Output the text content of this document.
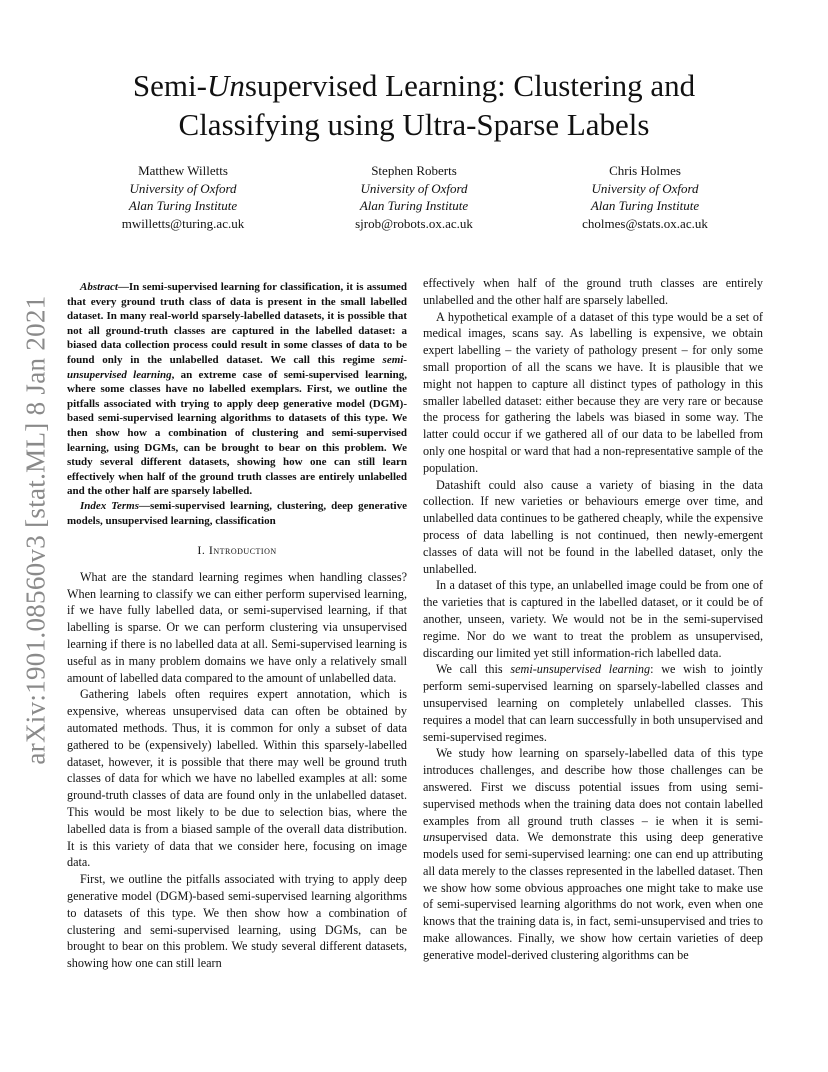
arXiv:1901.08560v3 [stat.ML] 8 Jan 2021
Semi-Unsupervised Learning: Clustering and
Classifying using Ultra-Sparse Labels
Matthew Willetts
University of Oxford
Alan Turing Institute
mwilletts@turing.ac.uk
Stephen Roberts
University of Oxford
Alan Turing Institute
sjrob@robots.ox.ac.uk
Chris Holmes
University of Oxford
Alan Turing Institute
cholmes@stats.ox.ac.uk

Abstract—In semi-supervised learning for classification, it is assumed that every ground truth class of data is present in the small labelled dataset. In many real-world sparsely-labelled datasets, it is possible that not all ground-truth classes are captured in the labelled dataset: a biased data collection process could result in some classes of data to be found only in the unlabelled dataset. We call this regime semi-unsupervised learning, an extreme case of semi-supervised learning, where some classes have no labelled exemplars. First, we outline the pitfalls associated with trying to apply deep generative model (DGM)-based semi-supervised learning algorithms to datasets of this type. We then show how a combination of clustering and semi-supervised learning, using DGMs, can be brought to bear on this problem. We study several different datasets, showing how one can still learn effectively when half of the ground truth classes are entirely unlabelled and the other half are sparsely labelled.

Index Terms—semi-supervised learning, clustering, deep generative models, unsupervised learning, classification

I. Introduction

What are the standard learning regimes when handling classes? When learning to classify we can either perform supervised learning, if we have fully labelled data, or semi-supervised learning, if that labelling is sparse. Or we can perform clustering via unsupervised learning if there is no labelled data at all. Semi-supervised learning is useful as in many problem domains we have only a relatively small amount of labelled data compared to the amount of unlabelled data.

Gathering labels often requires expert annotation, which is expensive, whereas unsupervised data can often be obtained by automated methods. Thus, it is common for only a subset of data gathered to be (expensively) labelled. Within this sparsely-labelled dataset, however, it is possible that there may well be ground truth classes of data for which we have no labelled examples at all: some ground-truth classes of data are found only in the unlabelled dataset. This would be most likely to be due to selection bias, where the labelled data is from a biased sample of the overall data distribution. It is this variety of data that we consider here, focusing on image data.

First, we outline the pitfalls associated with trying to apply deep generative model (DGM)-based semi-supervised learning algorithms to datasets of this type. We then show how a combination of clustering and semi-supervised learning, using DGMs, can be brought to bear on this problem. We study several different datasets, showing how one can still learn

effectively when half of the ground truth classes are entirely unlabelled and the other half are sparsely labelled.

A hypothetical example of a dataset of this type would be a set of medical images, scans say. As labelling is expensive, we obtain expert labelling – the variety of pathology present – for only some small proportion of all the scans we have. It is plausible that we might not happen to capture all distinct types of pathology in this smaller labelled dataset: either because they are very rare or because the process for gathering the labels was biased in some way. The latter could occur if we gathered all of our data to be labelled from only one hospital or ward that had a non-representative sample of the population.

Datashift could also cause a variety of biasing in the data collection. If new varieties or behaviours emerge over time, and unlabelled data continues to be gathered cheaply, while the expensive process of data labelling is not continued, then newly-emergent classes of data will not be found in the labelled dataset, only the unlabelled.

In a dataset of this type, an unlabelled image could be from one of the varieties that is captured in the labelled dataset, or it could be of another, unseen, variety. We would not be in the semi-supervised regime. Nor do we want to treat the problem as unsupervised, discarding our limited yet still information-rich labelled data.

We call this semi-unsupervised learning: we wish to jointly perform semi-supervised learning on sparsely-labelled classes and unsupervised learning on completely unlabelled classes. This requires a model that can learn successfully in both unsupervised and semi-supervised regimes.

We study how learning on sparsely-labelled data of this type introduces challenges, and describe how those challenges can be answered. First we discuss potential issues from using semi-supervised methods when the training data does not contain labelled examples from all ground truth classes – ie when it is semi-unsupervised data. We demonstrate this using deep generative models used for semi-supervised learning: one can end up attributing all data merely to the classes represented in the labelled dataset. Then we show how some obvious approaches one might take to make use of semi-supervised learning algorithms do not work, even when one knows that the training data is, in fact, semi-unsupervised and tries to make allowances. Finally, we show how certain varieties of deep generative model-derived clustering algorithms can be
